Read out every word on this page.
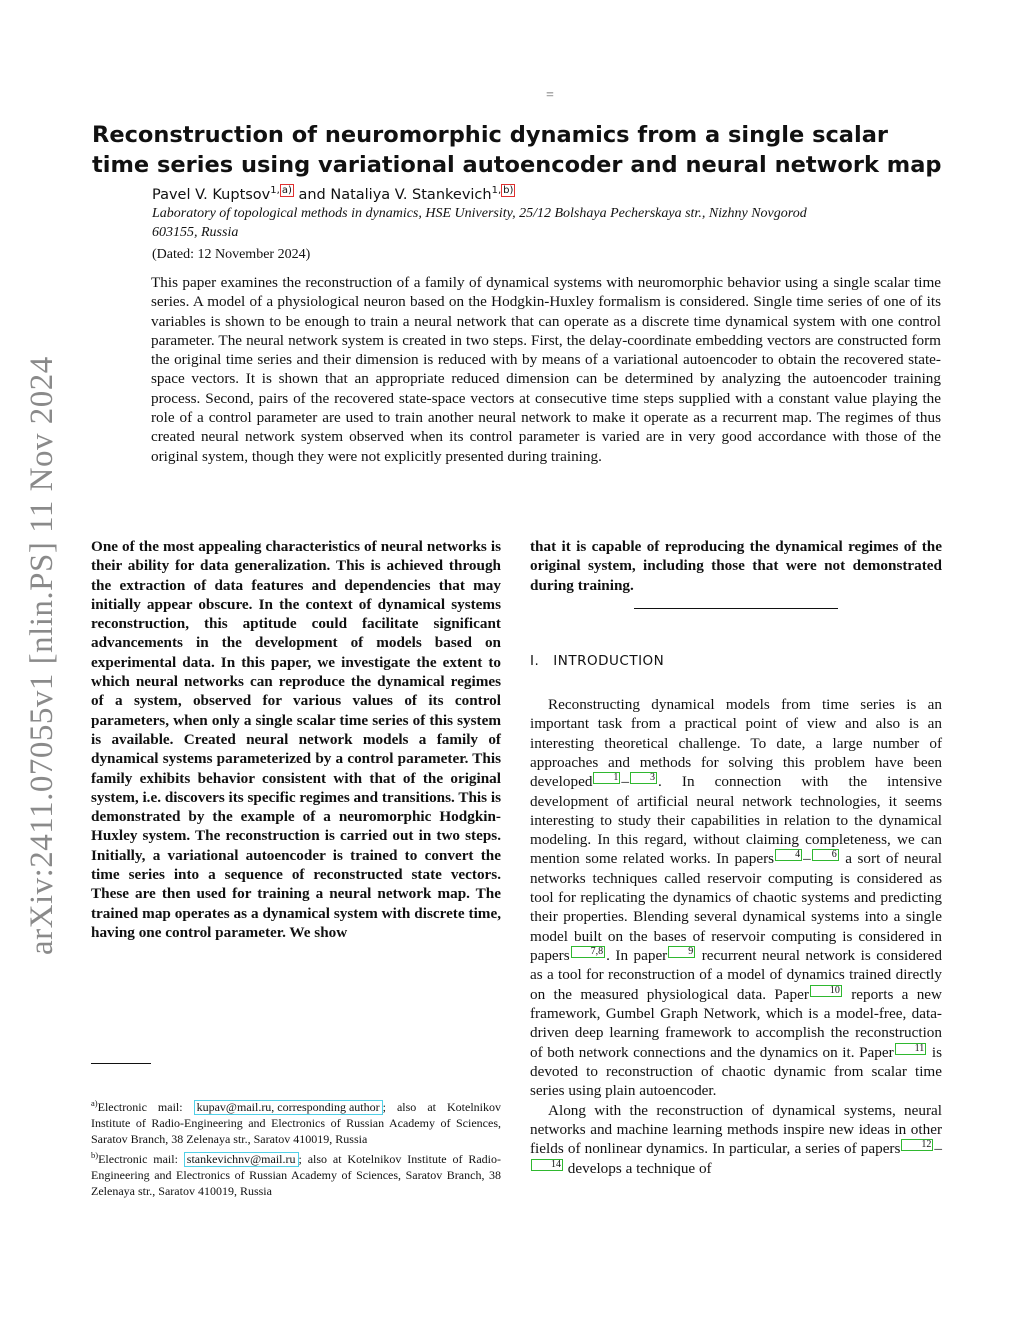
arXiv:2411.07055v1 [nlin.PS] 11 Nov 2024
=
Reconstruction of neuromorphic dynamics from a single scalar time series using variational autoencoder and neural network map
Pavel V. Kuptsov$^{1,}$ a) and Nataliya V. Stankevich$^{1,}$ b)
Laboratory of topological methods in dynamics, HSE University, 25/12 Bolshaya Pecherskaya str., Nizhny Novgorod 603155, Russia
(Dated: 12 November 2024)
This paper examines the reconstruction of a family of dynamical systems with neuromorphic behavior using a single scalar time series. A model of a physiological neuron based on the Hodgkin-Huxley formalism is considered. Single time series of one of its variables is shown to be enough to train a neural network that can operate as a discrete time dynamical system with one control parameter. The neural network system is created in two steps. First, the delay-coordinate embedding vectors are constructed form the original time series and their dimension is reduced with by means of a variational autoencoder to obtain the recovered state-space vectors. It is shown that an appropriate reduced dimension can be determined by analyzing the autoencoder training process. Second, pairs of the recovered state-space vectors at consecutive time steps supplied with a constant value playing the role of a control parameter are used to train another neural network to make it operate as a recurrent map. The regimes of thus created neural network system observed when its control parameter is varied are in very good accordance with those of the original system, though they were not explicitly presented during training.
One of the most appealing characteristics of neural networks is their ability for data generalization. This is achieved through the extraction of data features and dependencies that may initially appear obscure. In the context of dynamical systems reconstruction, this aptitude could facilitate significant advancements in the development of models based on experimental data. In this paper, we investigate the extent to which neural networks can reproduce the dynamical regimes of a system, observed for various values of its control parameters, when only a single scalar time series of this system is available. Created neural network models a family of dynamical systems parameterized by a control parameter. This family exhibits behavior consistent with that of the original system, i.e. discovers its specific regimes and transitions. This is demonstrated by the example of a neuromorphic Hodgkin-Huxley system. The reconstruction is carried out in two steps. Initially, a variational autoencoder is trained to convert the time series into a sequence of reconstructed state vectors. These are then used for training a neural network map. The trained map operates as a dynamical system with discrete time, having one control parameter. We show
that it is capable of reproducing the dynamical regimes of the original system, including those that were not demonstrated during training.
I. INTRODUCTION

Reconstructing dynamical models from time series is an important task from a practical point of view and also is an interesting theoretical challenge. To date, a large number of approaches and methods for solving this problem have been developed 1 – 3 . In connection with the intensive development of artificial neural network technologies, it seems interesting to study their capabilities in relation to the dynamical modeling. In this regard, without claiming completeness, we can mention some related works. In papers 4 – 6 a sort of neural networks techniques called reservoir computing is considered as tool for replicating the dynamics of chaotic systems and predicting their properties. Blending several dynamical systems into a single model built on the bases of reservoir computing is considered in papers 7,8 . In paper 9 recurrent neural network is considered as a tool for reconstruction of a model of dynamics trained directly on the measured physiological data. Paper 10 reports a new framework, Gumbel Graph Network, which is a model-free, data-driven deep learning framework to accomplish the reconstruction of both network connections and the dynamics on it. Paper 11 is devoted to reconstruction of chaotic dynamic from scalar time series using plain autoencoder.

Along with the reconstruction of dynamical systems, neural networks and machine learning methods inspire new ideas in other fields of nonlinear dynamics. In particular, a series of papers 12 –14 develops a technique of

$^{a)}$Electronic mail: kupav@mail.ru, corresponding author ; also at Kotelnikov Institute of Radio-Engineering and Electronics of Russian Academy of Sciences, Saratov Branch, 38 Zelenaya str., Saratov 410019, Russia

$^{b)}$Electronic mail: stankevichnv@mail.ru ; also at Kotelnikov Institute of Radio-Engineering and Electronics of Russian Academy of Sciences, Saratov Branch, 38 Zelenaya str., Saratov 410019, Russia
